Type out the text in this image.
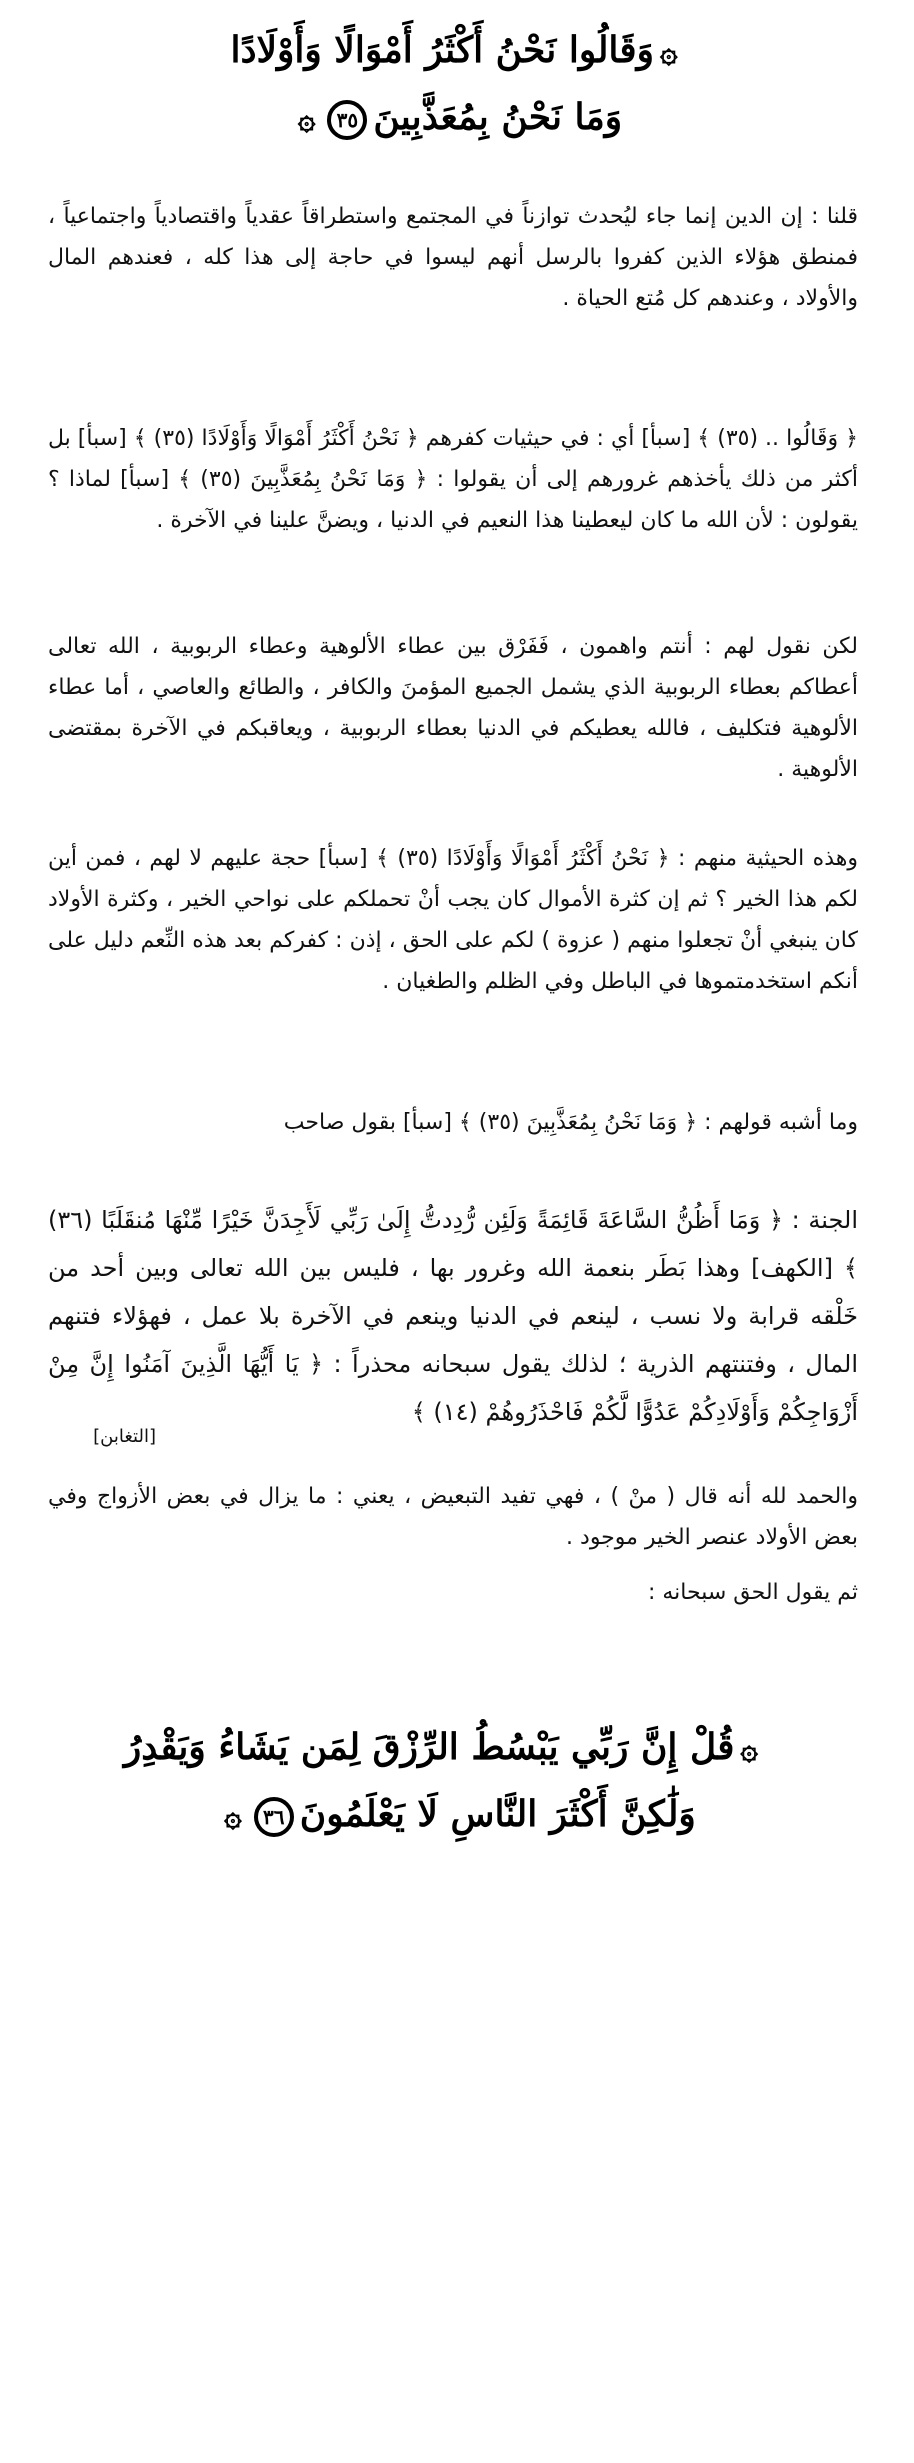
۞وَقَالُوا نَحْنُ أَكْثَرُ أَمْوَالًا وَأَوْلَادًا
وَمَا نَحْنُ بِمُعَذَّبِينَ٣٥۞

قلنا : إن الدين إنما جاء ليُحدث توازناً في المجتمع واستطراقاً عقدياً واقتصادياً واجتماعياً ، فمنطق هؤلاء الذين كفروا بالرسل أنهم ليسوا في حاجة إلى هذا كله ، فعندهم المال والأولاد ، وعندهم كل مُتع الحياة .

﴿ وَقَالُوا .. (٣٥) ﴾ [سبأ] أي : في حيثيات كفرهم ﴿ نَحْنُ أَكْثَرُ أَمْوَالًا وَأَوْلَادًا (٣٥) ﴾ [سبأ] بل أكثر من ذلك يأخذهم غرورهم إلى أن يقولوا : ﴿ وَمَا نَحْنُ بِمُعَذَّبِينَ (٣٥) ﴾ [سبأ] لماذا ؟ يقولون : لأن الله ما كان ليعطينا هذا النعيم في الدنيا ، ويضنَّ علينا في الآخرة .

لكن نقول لهم : أنتم واهمون ، فَفَرْق بين عطاء الألوهية وعطاء الربوبية ، الله تعالى أعطاكم بعطاء الربوبية الذي يشمل الجميع المؤمنَ والكافر ، والطائع والعاصي ، أما عطاء الألوهية فتكليف ، فالله يعطيكم في الدنيا بعطاء الربوبية ، ويعاقبكم في الآخرة بمقتضى الألوهية .

وهذه الحيثية منهم : ﴿ نَحْنُ أَكْثَرُ أَمْوَالًا وَأَوْلَادًا (٣٥) ﴾ [سبأ] حجة عليهم لا لهم ، فمن أين لكم هذا الخير ؟ ثم إن كثرة الأموال كان يجب أنْ تحملكم على نواحي الخير ، وكثرة الأولاد كان ينبغي أنْ تجعلوا منهم ( عزوة ) لكم على الحق ، إذن : كفركم بعد هذه النِّعم دليل على أنكم استخدمتموها في الباطل وفي الظلم والطغيان .

وما أشبه قولهم : ﴿ وَمَا نَحْنُ بِمُعَذَّبِينَ (٣٥) ﴾ [سبأ] بقول صاحب

الجنة : ﴿ وَمَا أَظُنُّ السَّاعَةَ قَائِمَةً وَلَئِن رُّدِدتُّ إِلَىٰ رَبِّي لَأَجِدَنَّ خَيْرًا مِّنْهَا مُنقَلَبًا (٣٦) ﴾ [الكهف] وهذا بَطَر بنعمة الله وغرور بها ، فليس بين الله تعالى وبين أحد من خَلْقه قرابة ولا نسب ، لينعم في الدنيا وينعم في الآخرة بلا عمل ، فهؤلاء فتنهم المال ، وفتنتهم الذرية ؛ لذلك يقول سبحانه محذراً : ﴿ يَا أَيُّهَا الَّذِينَ آمَنُوا إِنَّ مِنْ أَزْوَاجِكُمْ وَأَوْلَادِكُمْ عَدُوًّا لَّكُمْ فَاحْذَرُوهُمْ (١٤) ﴾

[التغابن]

والحمد لله أنه قال ( منْ ) ، فهي تفيد التبعيض ، يعني : ما يزال في بعض الأزواج وفي بعض الأولاد عنصر الخير موجود .

ثم يقول الحق سبحانه :

۞قُلْ إِنَّ رَبِّي يَبْسُطُ الرِّزْقَ لِمَن يَشَاءُ وَيَقْدِرُ
وَلَٰكِنَّ أَكْثَرَ النَّاسِ لَا يَعْلَمُونَ٣٦۞
